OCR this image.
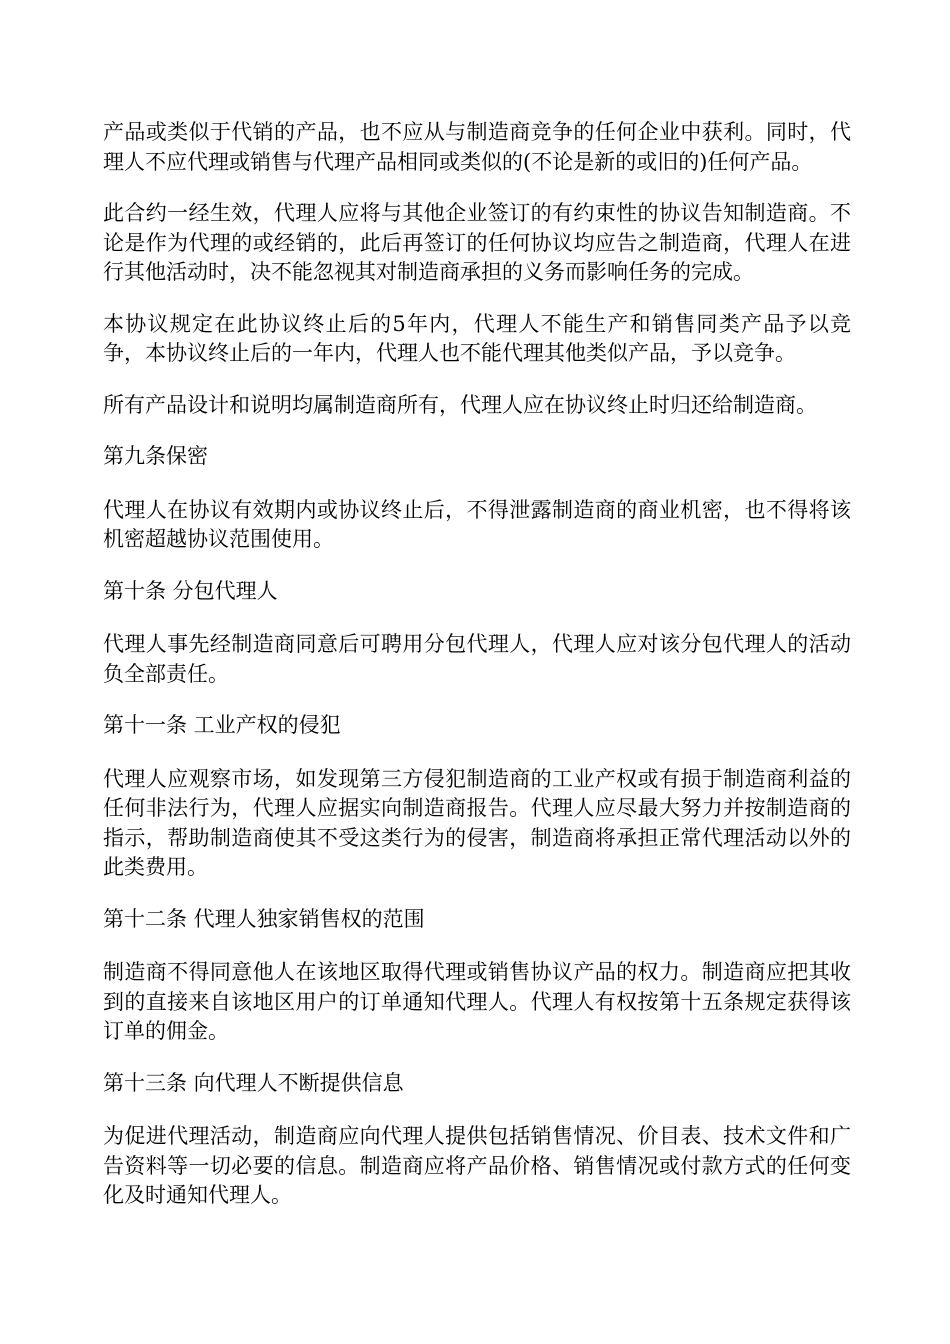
产品或类似于代销的产品，也不应从与制造商竞争的任何企业中获利。同时，代理人不应代理或销售与代理产品相同或类似的(不论是新的或旧的)任何产品。

此合约一经生效，代理人应将与其他企业签订的有约束性的协议告知制造商。不论是作为代理的或经销的，此后再签订的任何协议均应告之制造商，代理人在进行其他活动时，决不能忽视其对制造商承担的义务而影响任务的完成。

本协议规定在此协议终止后的5年内，代理人不能生产和销售同类产品予以竞争，本协议终止后的一年内，代理人也不能代理其他类似产品，予以竞争。

所有产品设计和说明均属制造商所有，代理人应在协议终止时归还给制造商。

第九条保密

代理人在协议有效期内或协议终止后，不得泄露制造商的商业机密，也不得将该机密超越协议范围使用。

第十条 分包代理人

代理人事先经制造商同意后可聘用分包代理人，代理人应对该分包代理人的活动负全部责任。

第十一条 工业产权的侵犯

代理人应观察市场，如发现第三方侵犯制造商的工业产权或有损于制造商利益的任何非法行为，代理人应据实向制造商报告。代理人应尽最大努力并按制造商的指示，帮助制造商使其不受这类行为的侵害，制造商将承担正常代理活动以外的此类费用。

第十二条 代理人独家销售权的范围

制造商不得同意他人在该地区取得代理或销售协议产品的权力。制造商应把其收到的直接来自该地区用户的订单通知代理人。代理人有权按第十五条规定获得该订单的佣金。

第十三条 向代理人不断提供信息

为促进代理活动，制造商应向代理人提供包括销售情况、价目表、技术文件和广告资料等一切必要的信息。制造商应将产品价格、销售情况或付款方式的任何变化及时通知代理人。
